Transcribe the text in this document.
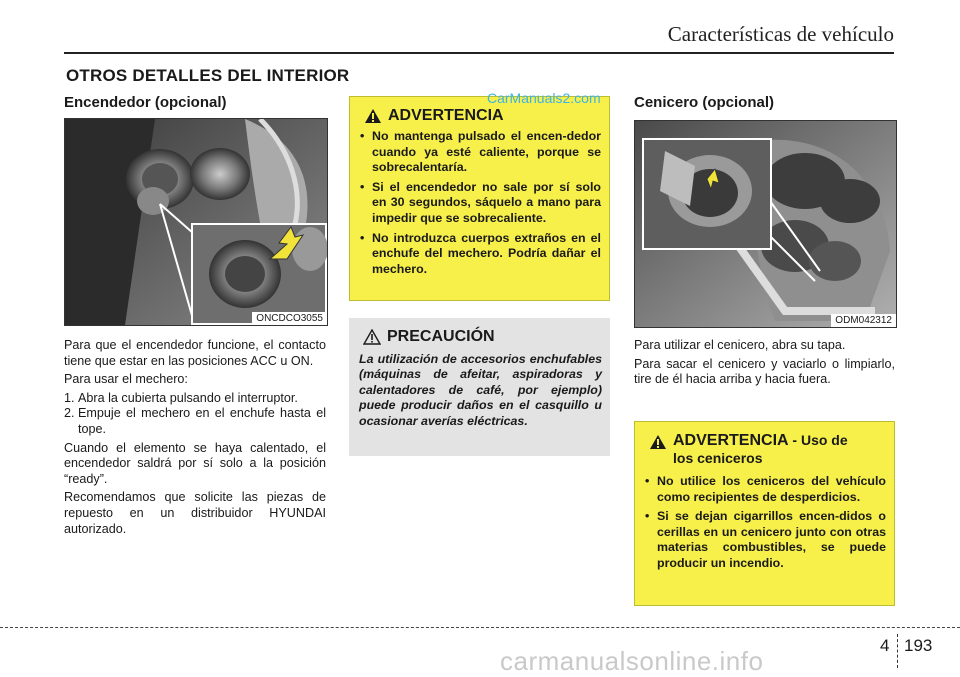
Características de vehículo
OTROS DETALLES DEL INTERIOR
Encendedor (opcional)
ONCDCO3055

Para que el encendedor funcione, el contacto tiene que estar en las posiciones ACC u ON.

Para usar el mechero:

1. Abra la cubierta pulsando el interruptor.
2. Empuje el mechero en el enchufe hasta el tope.

Cuando el elemento se haya calentado, el encendedor saldrá por sí solo a la posición “ready”.

Recomendamos que solicite las piezas de repuesto en un distribuidor HYUNDAI autorizado.

ADVERTENCIA
• No mantenga pulsado el encen-dedor cuando ya esté caliente, porque se sobrecalentaría.
• Si el encendedor no sale por sí solo en 30 segundos, sáquelo a mano para impedir que se sobrecaliente.
• No introduzca cuerpos extraños en el enchufe del mechero. Podría dañar el mechero.
CarManuals2.com
PRECAUCIÓN
La utilización de accesorios enchufables (máquinas de afeitar, aspiradoras y calentadores de café, por ejemplo) puede producir daños en el casquillo u ocasionar averías eléctricas.
Cenicero (opcional)
ODM042312

Para utilizar el cenicero, abra su tapa.

Para sacar el cenicero y vaciarlo o limpiarlo, tire de él hacia arriba y hacia fuera.

ADVERTENCIA - Uso de
los ceniceros
• No utilice los ceniceros del vehículo como recipientes de desperdicios.
• Si se dejan cigarrillos encen-didos o cerillas en un cenicero junto con otras materias combustibles, se puede producir un incendio.
4 193
carmanualsonline.info
